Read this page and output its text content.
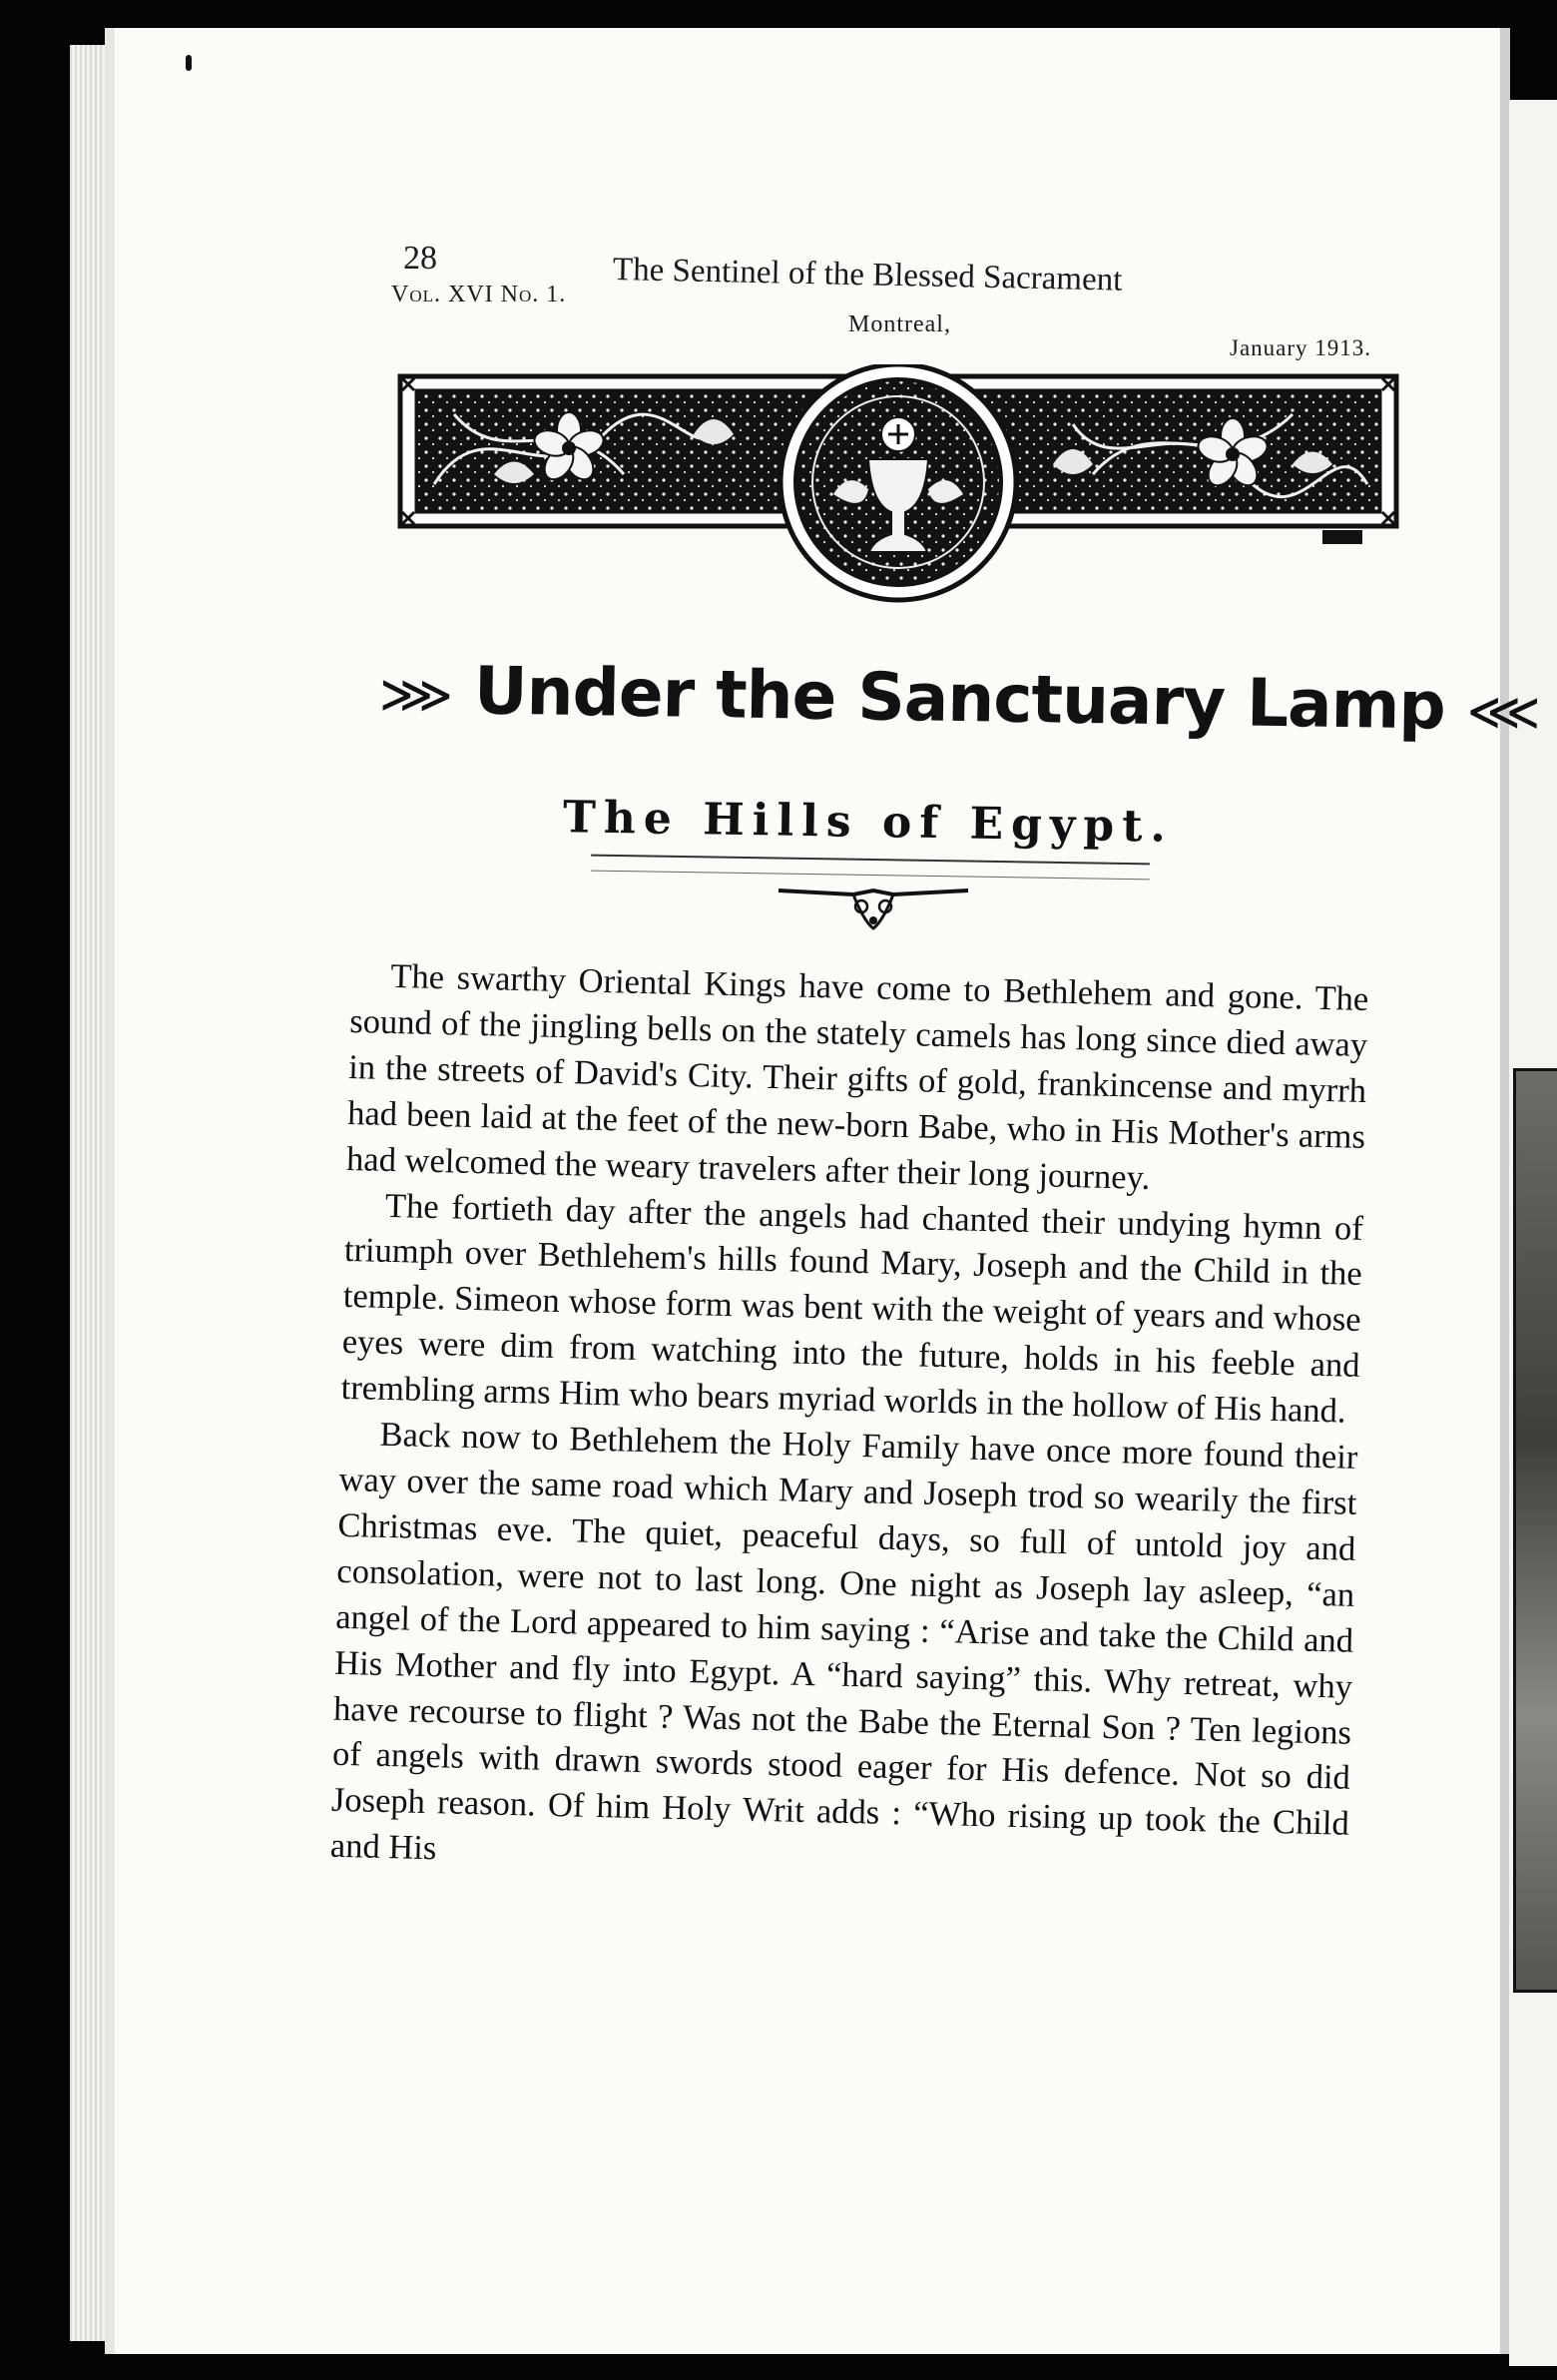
28
Vol. XVI No. 1. The Sentinel of the Blessed Sacrament
Montreal,
January 1913.
⋙ Under the Sanctuary Lamp ⋘
The Hills of Egypt.

The swarthy Oriental Kings have come to Bethlehem and gone. The sound of the jingling bells on the stately camels has long since died away in the streets of David's City. Their gifts of gold, frankincense and myrrh had been laid at the feet of the new-born Babe, who in His Mother's arms had welcomed the weary travelers after their long journey.

The fortieth day after the angels had chanted their undying hymn of triumph over Bethlehem's hills found Mary, Joseph and the Child in the temple. Simeon whose form was bent with the weight of years and whose eyes were dim from watching into the future, holds in his feeble and trembling arms Him who bears myriad worlds in the hollow of His hand.

Back now to Bethlehem the Holy Family have once more found their way over the same road which Mary and Joseph trod so wearily the first Christmas eve. The quiet, peaceful days, so full of untold joy and consolation, were not to last long. One night as Joseph lay asleep, “an angel of the Lord appeared to him saying : “Arise and take the Child and His Mother and fly into Egypt. A “hard saying” this. Why retreat, why have recourse to flight ? Was not the Babe the Eternal Son ? Ten legions of angels with drawn swords stood eager for His defence. Not so did Joseph reason. Of him Holy Writ adds : “Who rising up took the Child and His
